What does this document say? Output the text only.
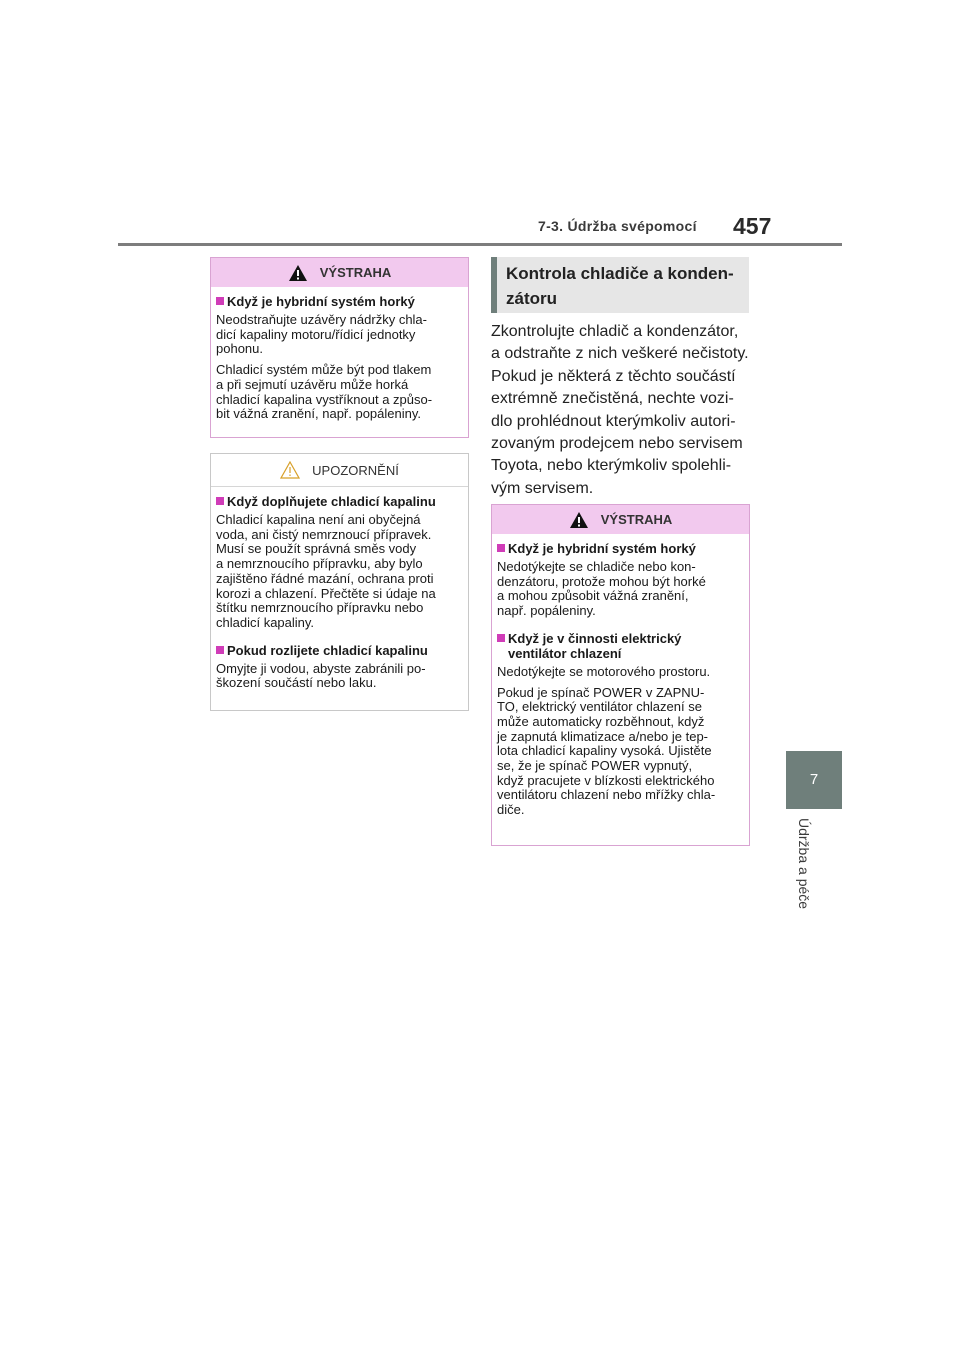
7-3. Údržba svépomocí 457
7
Údržba a péče
VÝSTRAHA
Když je hybridní systém horký
Neodstraňujte uzávěry nádržky chla-
dicí kapaliny motoru/řídicí jednotky
pohonu.
Chladicí systém může být pod tlakem
a při sejmutí uzávěru může horká
chladicí kapalina vystříknout a způso-
bit vážná zranění, např. popáleniny.
UPOZORNĚNÍ
Když doplňujete chladicí kapalinu
Chladicí kapalina není ani obyčejná
voda, ani čistý nemrznoucí přípravek.
Musí se použít správná směs vody
a nemrznoucího přípravku, aby bylo
zajištěno řádné mazání, ochrana proti
korozi a chlazení. Přečtěte si údaje na
štítku nemrznoucího přípravku nebo
chladicí kapaliny.
Pokud rozlijete chladicí kapalinu
Omyjte ji vodou, abyste zabránili po-
škození součástí nebo laku.
Kontrola chladiče a konden-
zátoru
Zkontrolujte chladič a kondenzátor,
a odstraňte z nich veškeré nečistoty.
Pokud je některá z těchto součástí
extrémně znečistěná, nechte vozi-
dlo prohlédnout kterýmkoliv autori-
zovaným prodejcem nebo servisem
Toyota, nebo kterýmkoliv spolehli-
vým servisem.
VÝSTRAHA
Když je hybridní systém horký
Nedotýkejte se chladiče nebo kon-
denzátoru, protože mohou být horké
a mohou způsobit vážná zranění,
např. popáleniny.
Když je v činnosti elektrický
ventilátor chlazení
Nedotýkejte se motorového prostoru.
Pokud je spínač POWER v ZAPNU-
TO, elektrický ventilátor chlazení se
může automaticky rozběhnout, když
je zapnutá klimatizace a/nebo je tep-
lota chladicí kapaliny vysoká. Ujistěte
se, že je spínač POWER vypnutý,
když pracujete v blízkosti elektrického
ventilátoru chlazení nebo mřížky chla-
diče.
